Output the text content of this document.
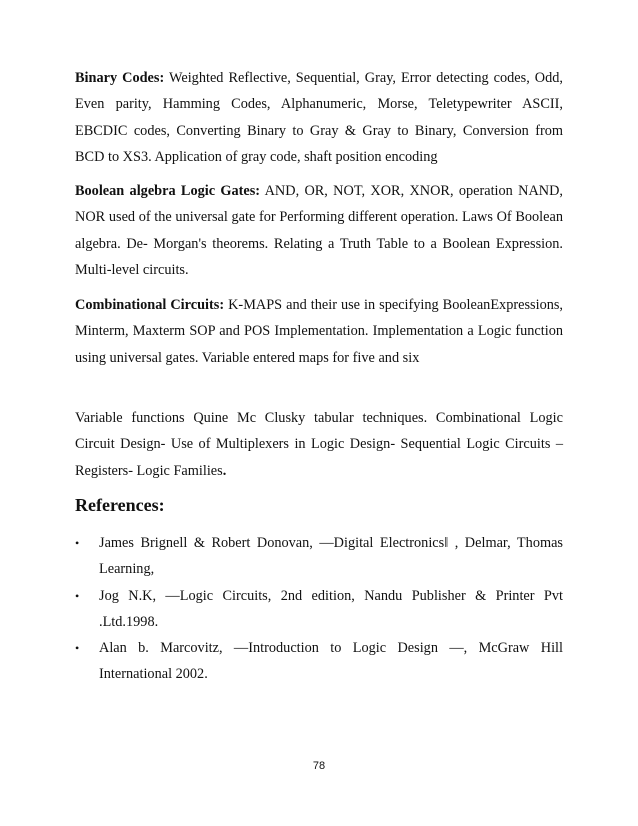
Binary Codes: Weighted Reflective, Sequential, Gray, Error detecting codes, Odd, Even parity, Hamming Codes, Alphanumeric, Morse, Teletypewriter ASCII, EBCDIC codes, Converting Binary to Gray & Gray to Binary, Conversion from BCD to XS3. Application of gray code, shaft position encoding

Boolean algebra Logic Gates: AND, OR, NOT, XOR, XNOR, operation NAND, NOR used of the universal gate for Performing different operation. Laws Of Boolean algebra. De- Morgan's theorems. Relating a Truth Table to a Boolean Expression. Multi-level circuits.

Combinational Circuits: K-MAPS and their use in specifying BooleanExpressions, Minterm, Maxterm SOP and POS Implementation. Implementation a Logic function using universal gates. Variable entered maps for five and six

Variable functions Quine Mc Clusky tabular techniques. Combinational Logic Circuit Design- Use of Multiplexers in Logic Design- Sequential Logic Circuits – Registers- Logic Families.

References:
• James Brignell & Robert Donovan, ―Digital Electronics‖ , Delmar, Thomas Learning,
• Jog N.K, ―Logic Circuits, 2nd edition, Nandu Publisher & Printer Pvt .Ltd.1998.
• Alan b. Marcovitz, ―Introduction to Logic Design ―, McGraw Hill International 2002.
78
